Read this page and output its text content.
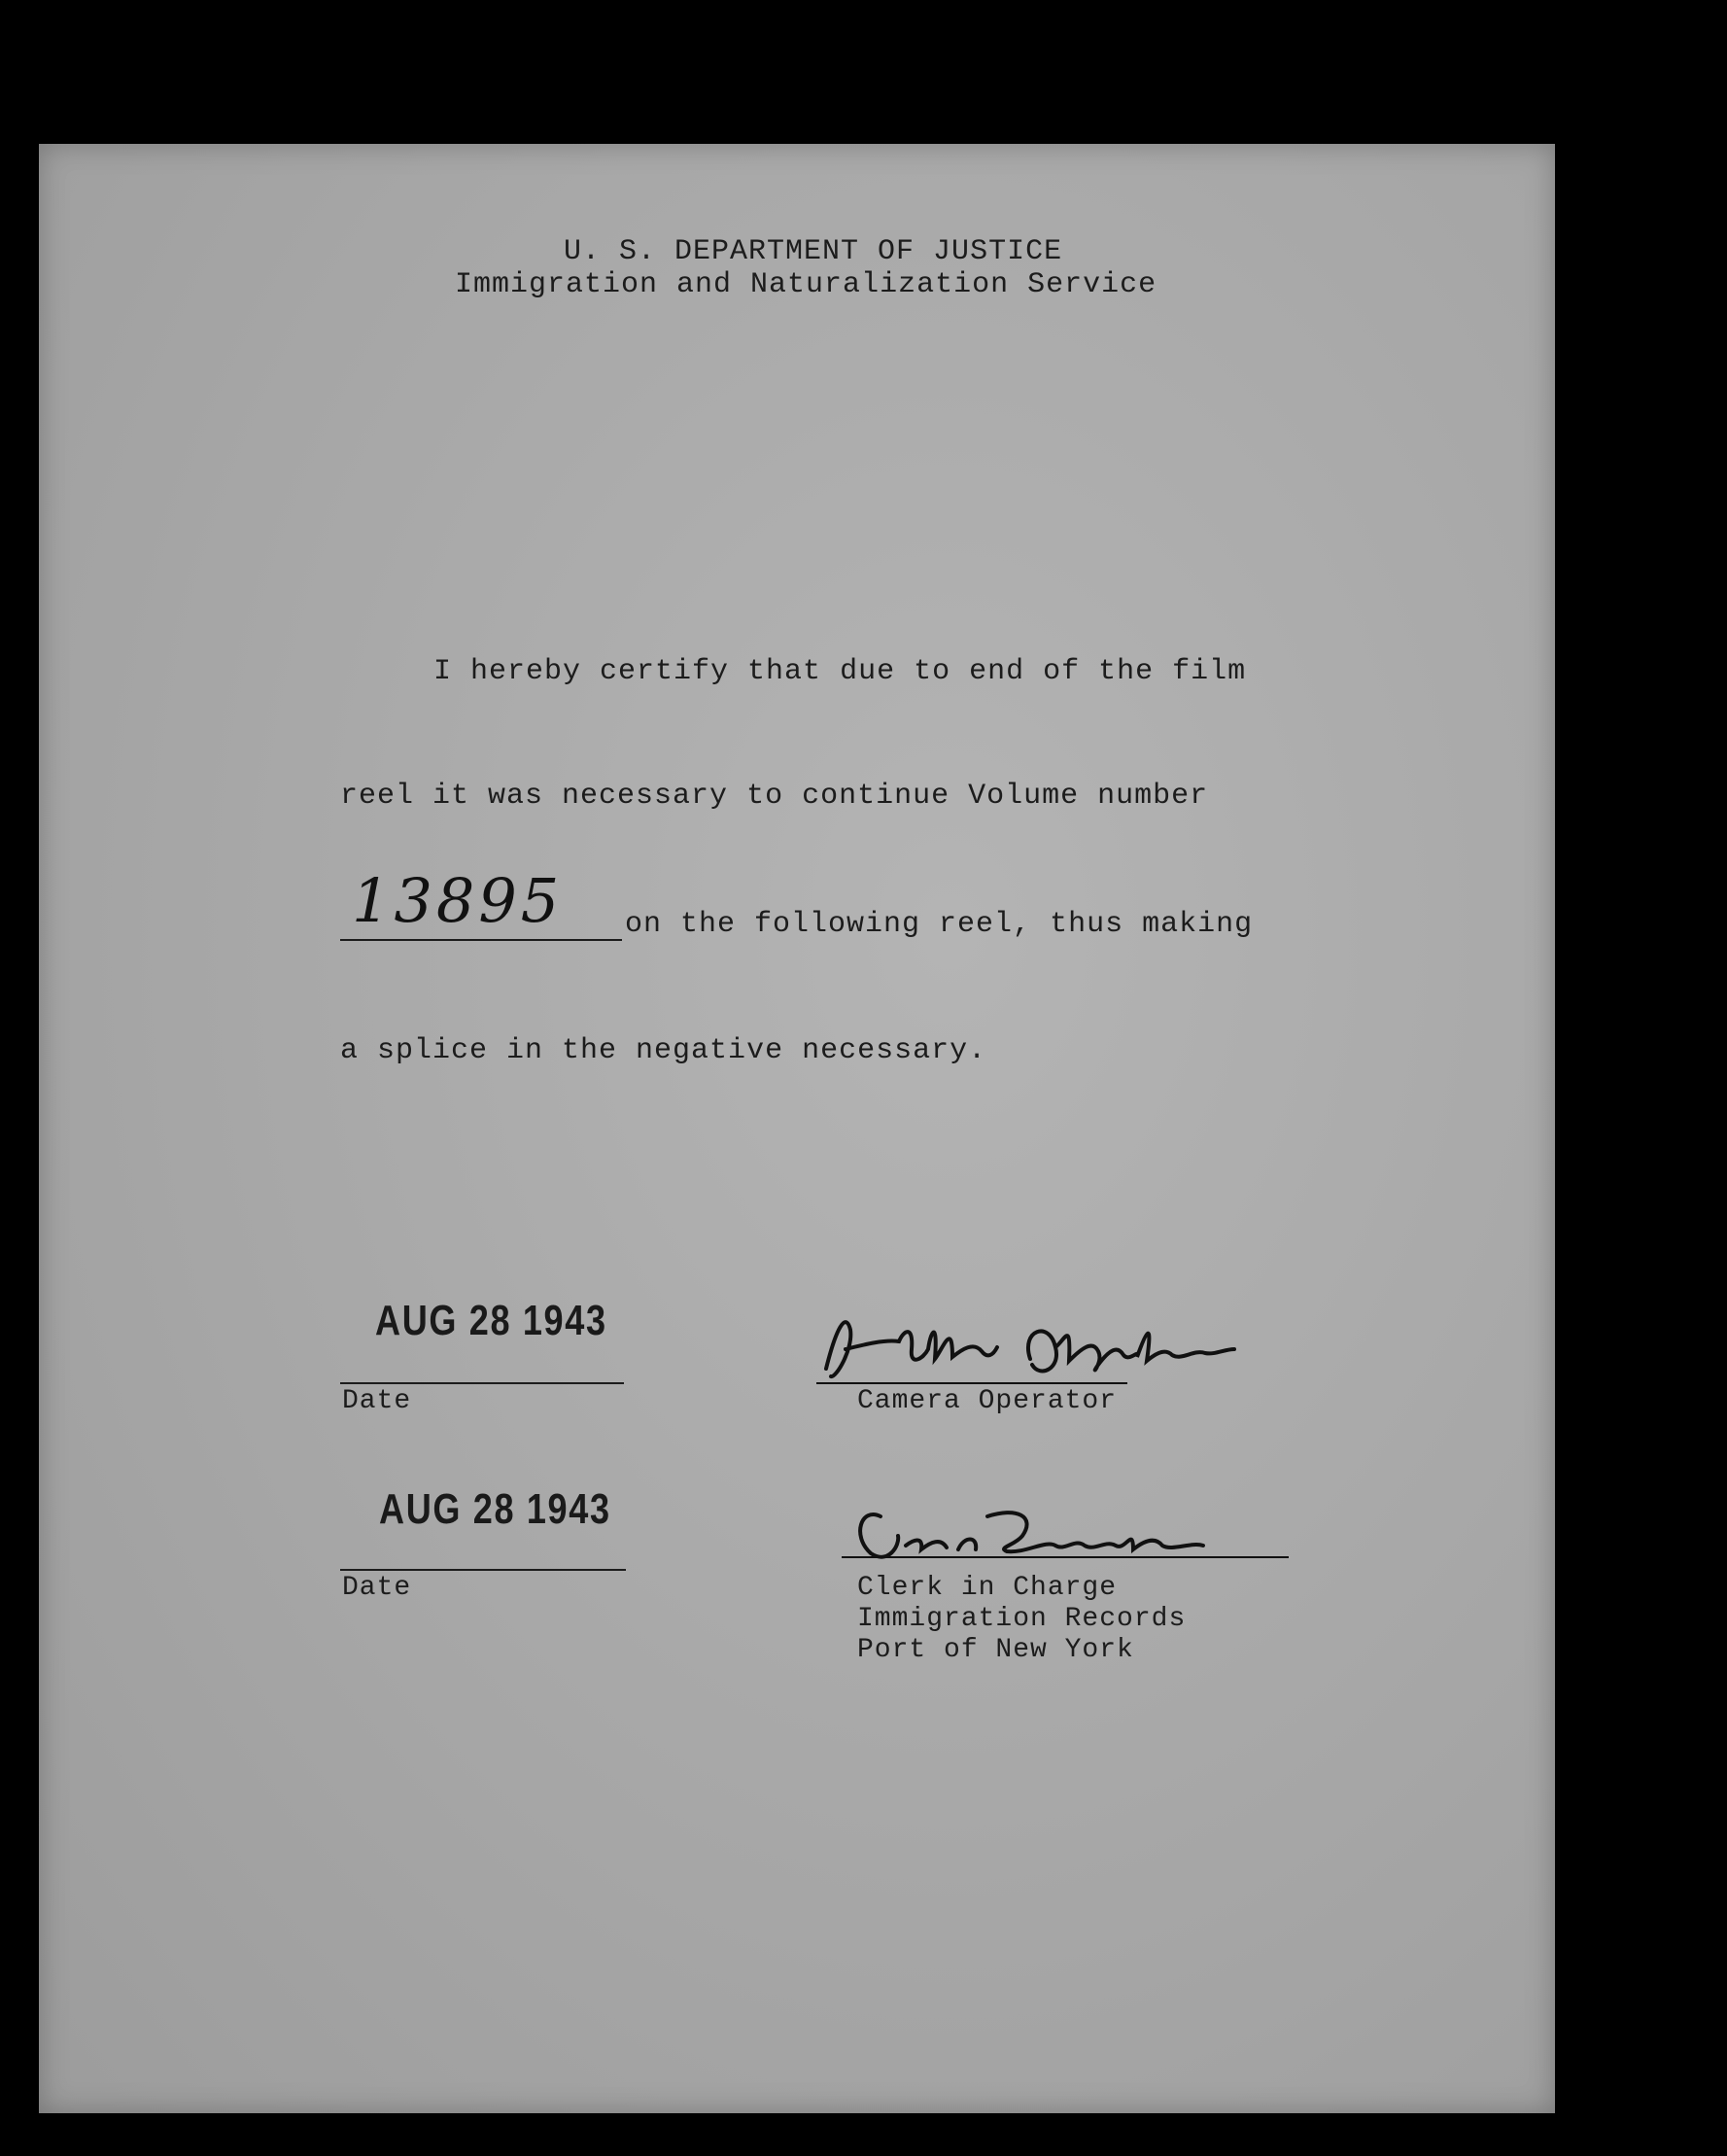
U. S. DEPARTMENT OF JUSTICE
Immigration and Naturalization Service
I hereby certify that due to end of the film
reel it was necessary to continue Volume number
13895 on the following reel, thus making
a splice in the negative necessary.
AUG 28 1943
Date	Camera Operator
AUG 28 1943
Date	Clerk in Charge
Immigration Records
Port of New York
